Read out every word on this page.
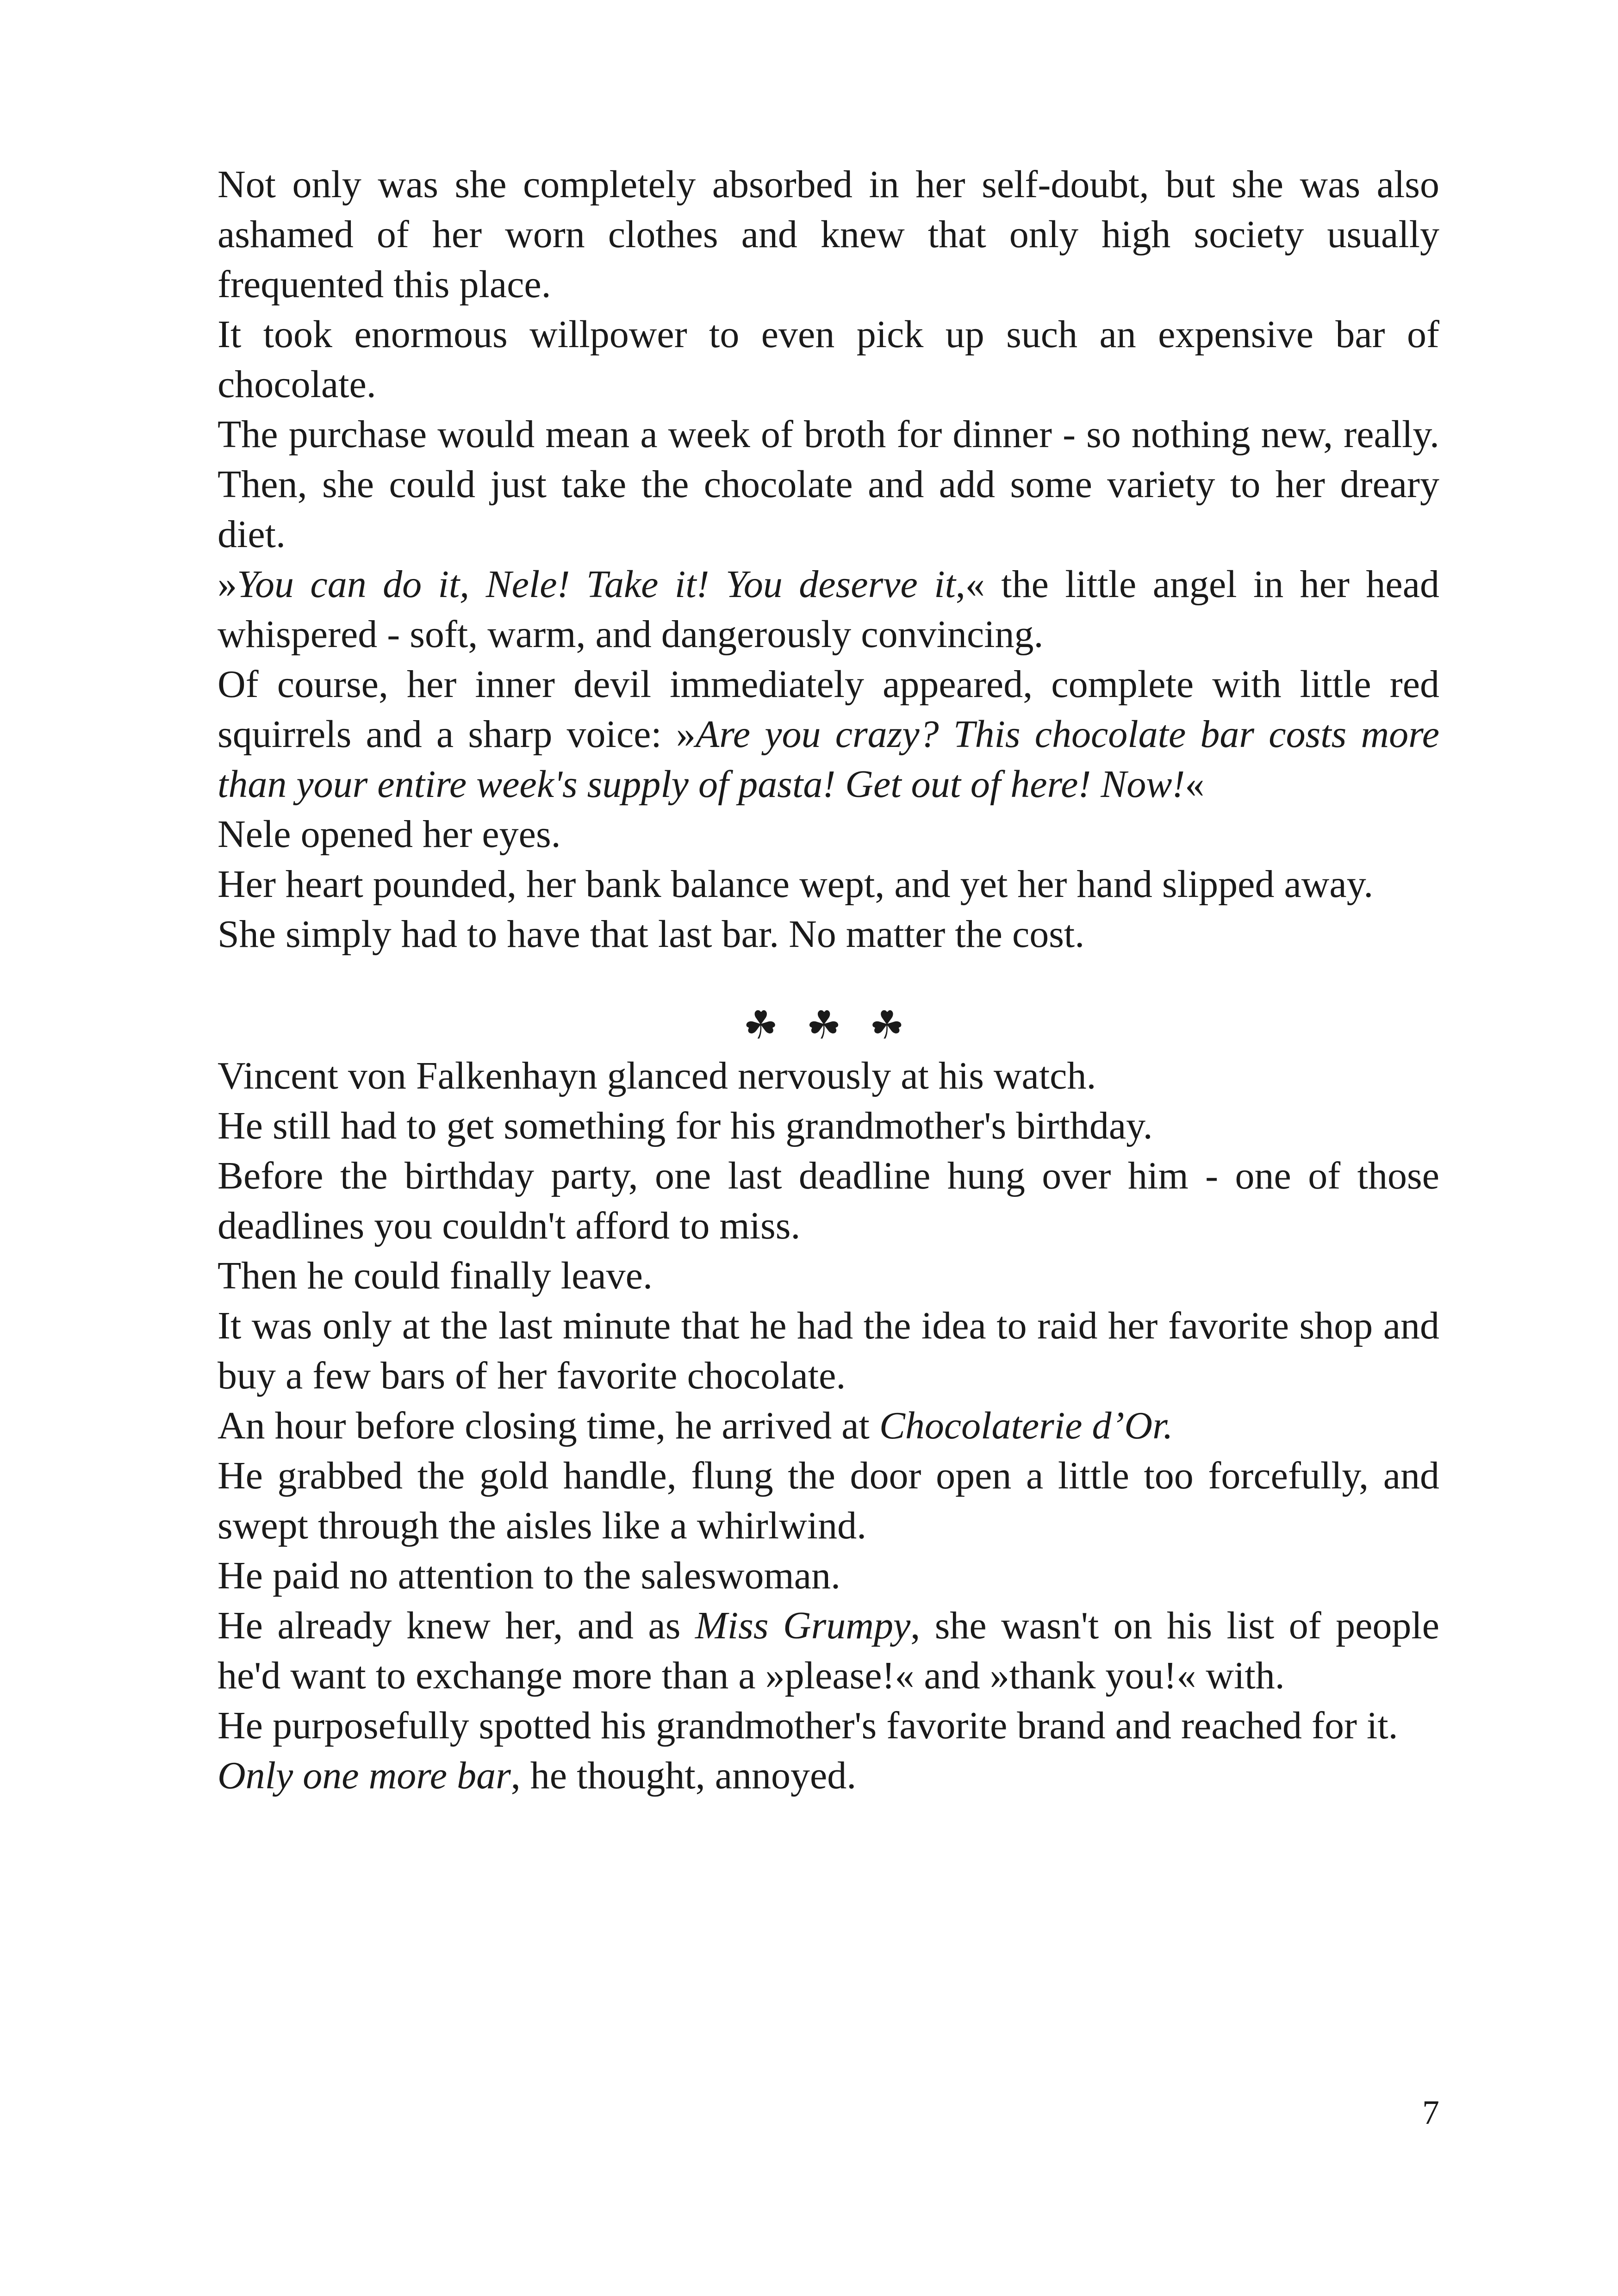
Not only was she completely absorbed in her self-doubt, but she was also ashamed of her worn clothes and knew that only high society usually frequented this place.

It took enormous willpower to even pick up such an expensive bar of chocolate.

The purchase would mean a week of broth for dinner - so nothing new, really. Then, she could just take the chocolate and add some variety to her dreary diet.

»You can do it, Nele! Take it! You deserve it,« the little angel in her head whispered - soft, warm, and dangerously convincing.

Of course, her inner devil immediately appeared, complete with little red squirrels and a sharp voice: »Are you crazy? This chocolate bar costs more than your entire week's supply of pasta! Get out of here! Now!«

Nele opened her eyes.

Her heart pounded, her bank balance wept, and yet her hand slipped away.

She simply had to have that last bar. No matter the cost.

☘ ☘ ☘

Vincent von Falkenhayn glanced nervously at his watch.

He still had to get something for his grandmother's birthday.

Before the birthday party, one last deadline hung over him - one of those deadlines you couldn't afford to miss.

Then he could finally leave.

It was only at the last minute that he had the idea to raid her favorite shop and buy a few bars of her favorite chocolate.

An hour before closing time, he arrived at Chocolaterie d’Or.

He grabbed the gold handle, flung the door open a little too forcefully, and swept through the aisles like a whirlwind.

He paid no attention to the saleswoman.

He already knew her, and as Miss Grumpy, she wasn't on his list of people he'd want to exchange more than a »please!« and »thank you!« with.

He purposefully spotted his grandmother's favorite brand and reached for it.

Only one more bar, he thought, annoyed.

7
